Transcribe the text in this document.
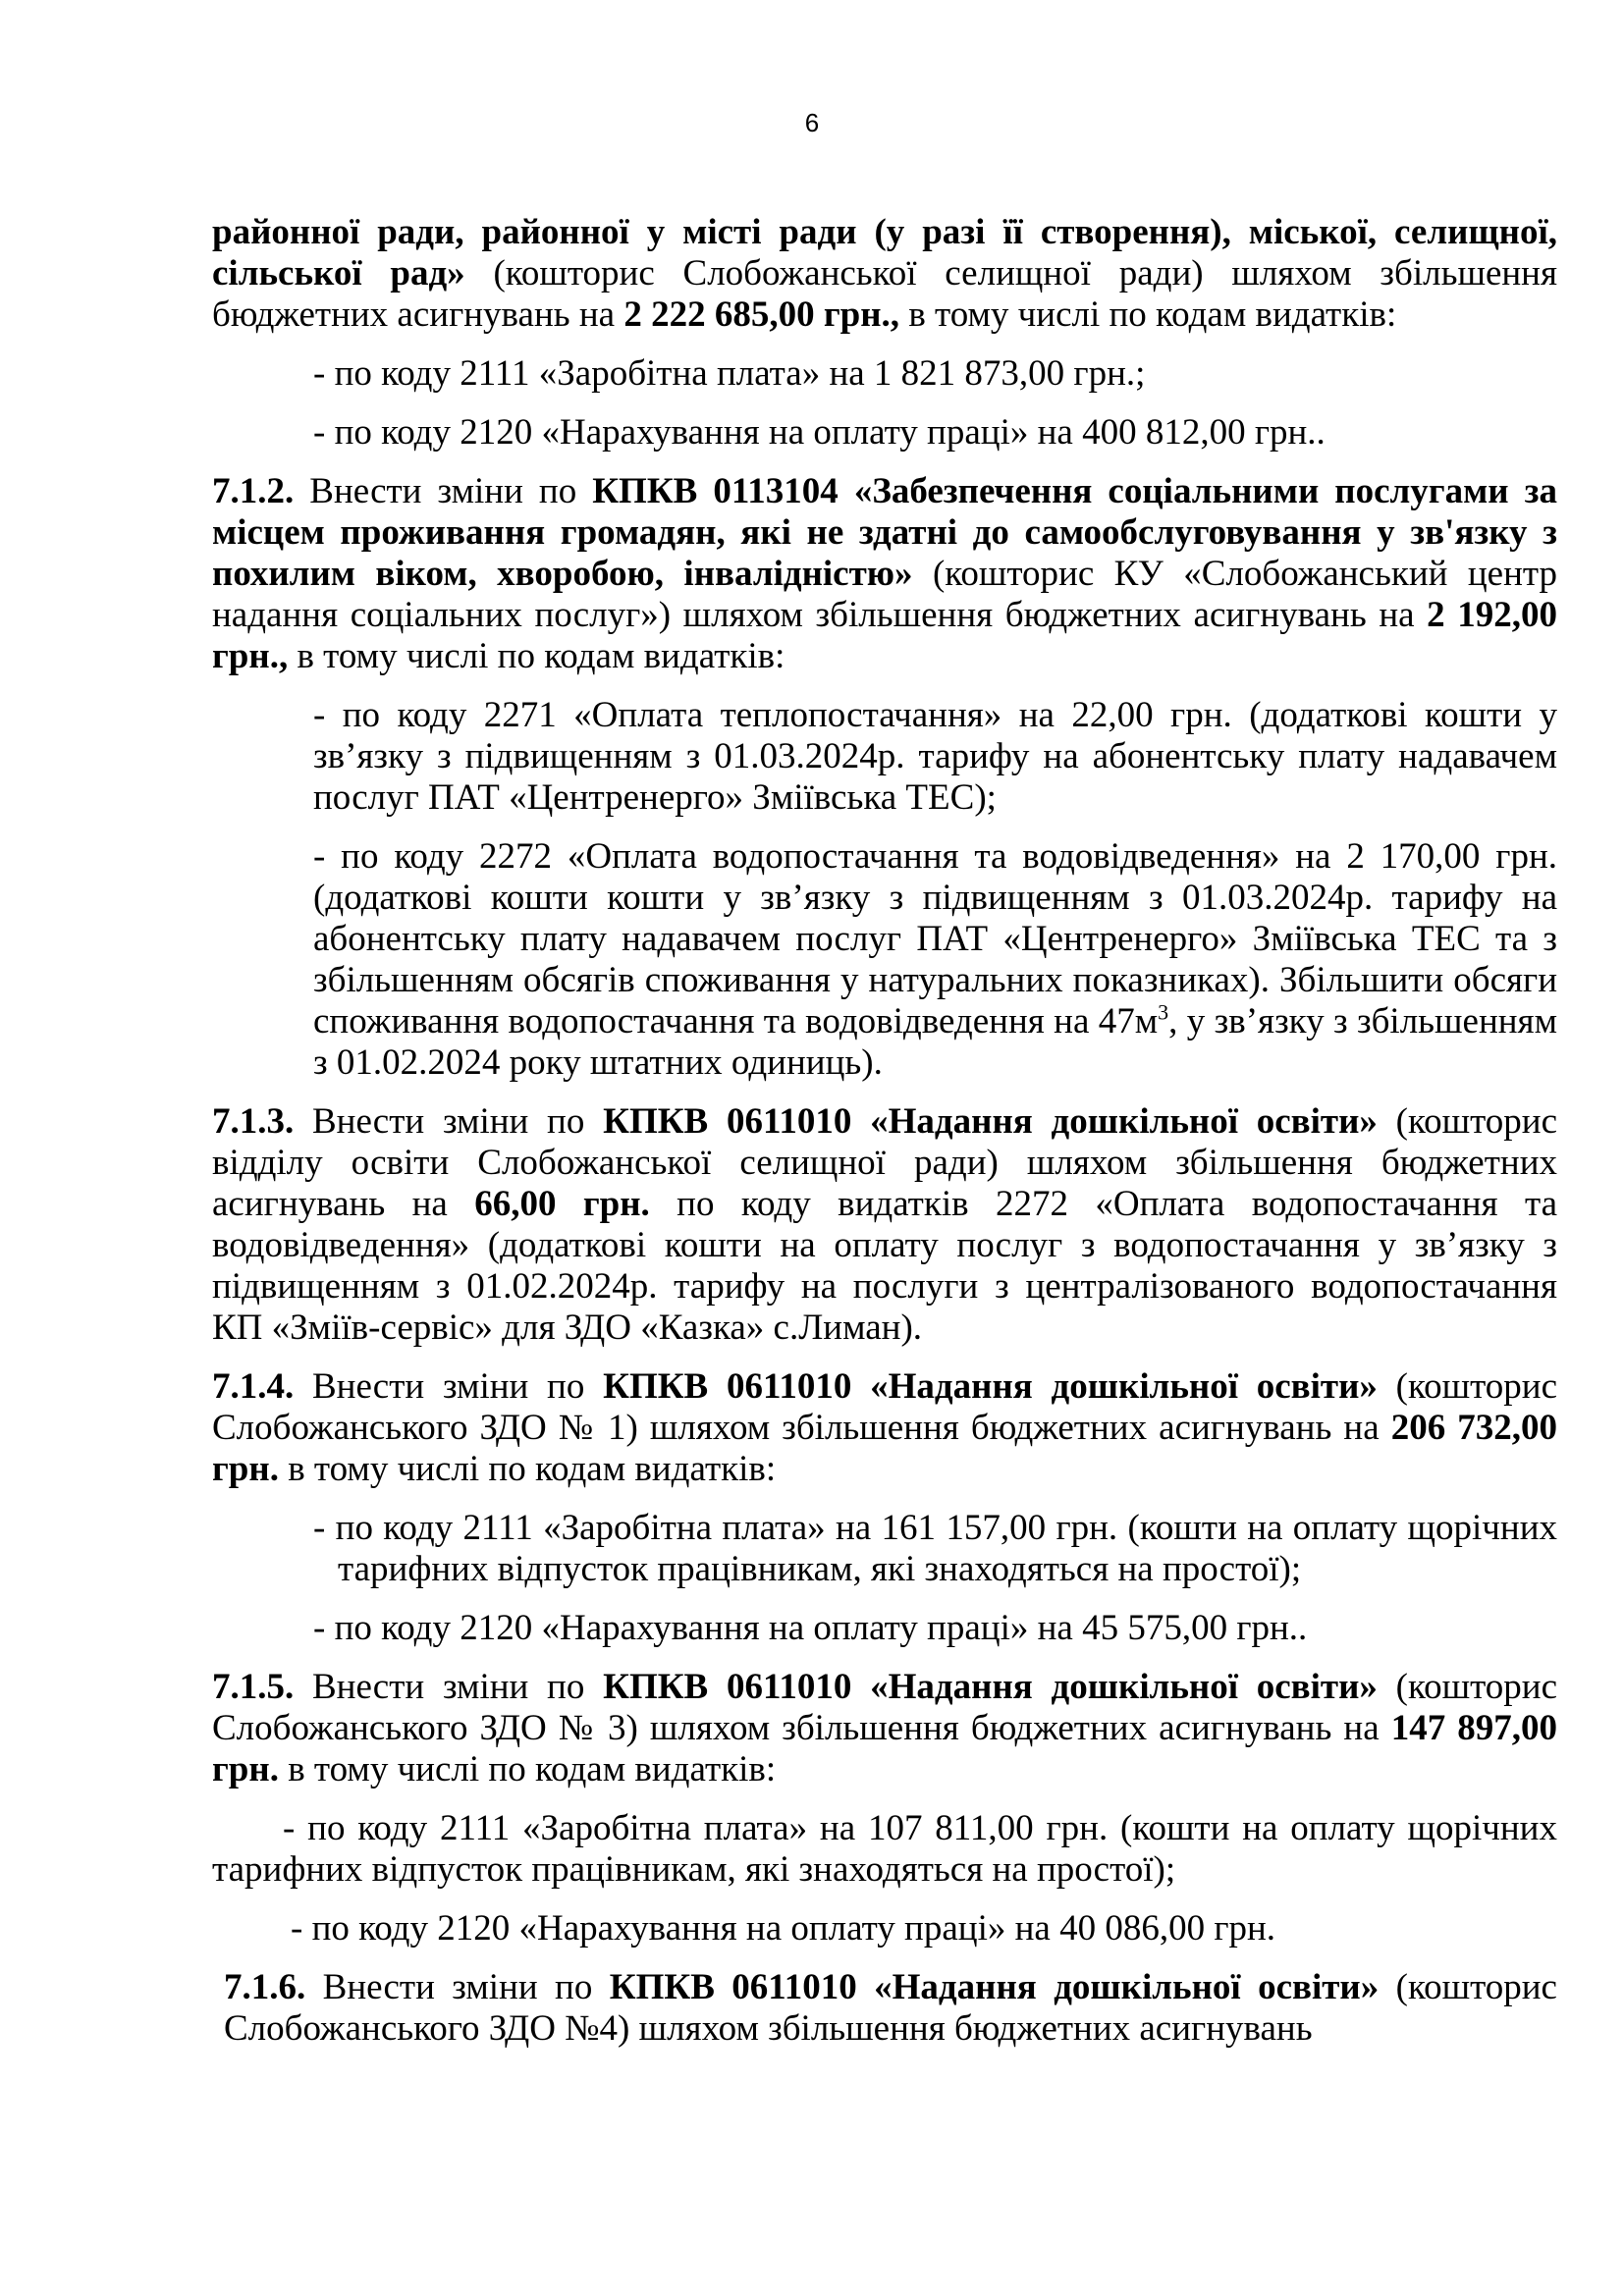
6

районної ради, районної у місті ради (у разі її створення), міської, селищної, сільської рад» (кошторис Слобожанської селищної ради) шляхом збільшення бюджетних асигнувань на 2 222 685,00 грн., в тому числі по кодам видатків:

- по коду 2111 «Заробітна плата» на 1 821 873,00 грн.;

- по коду 2120 «Нарахування на оплату праці» на 400 812,00 грн..

7.1.2. Внести зміни по КПКВ 0113104 «Забезпечення соціальними послугами за місцем проживання громадян, які не здатні до самообслуговування у зв'язку з похилим віком, хворобою, інвалідністю» (кошторис КУ «Слобожанський центр надання соціальних послуг») шляхом збільшення бюджетних асигнувань на 2 192,00 грн., в тому числі по кодам видатків:

- по коду 2271 «Оплата теплопостачання» на 22,00 грн. (додаткові кошти у зв’язку з підвищенням з 01.03.2024р. тарифу на абонентську плату надавачем послуг ПАТ «Центренерго» Зміївська ТЕС);

- по коду 2272 «Оплата водопостачання та водовідведення» на 2 170,00 грн. (додаткові кошти кошти у зв’язку з підвищенням з 01.03.2024р. тарифу на абонентську плату надавачем послуг ПАТ «Центренерго» Зміївська ТЕС та з збільшенням обсягів споживання у натуральних показниках). Збільшити обсяги споживання водопостачання та водовідведення на $47м^3$, у зв’язку з збільшенням з 01.02.2024 року штатних одиниць).

7.1.3. Внести зміни по КПКВ 0611010 «Надання дошкільної освіти» (кошторис відділу освіти Слобожанської селищної ради) шляхом збільшення бюджетних асигнувань на 66,00 грн. по коду видатків 2272 «Оплата водопостачання та водовідведення» (додаткові кошти на оплату послуг з водопостачання у зв’язку з підвищенням з 01.02.2024р. тарифу на послуги з централізованого водопостачання КП «Зміїв-сервіс» для ЗДО «Казка» с.Лиман).

7.1.4. Внести зміни по КПКВ 0611010 «Надання дошкільної освіти» (кошторис Слобожанського ЗДО № 1) шляхом збільшення бюджетних асигнувань на 206 732,00 грн. в тому числі по кодам видатків:

- по коду 2111 «Заробітна плата» на 161 157,00 грн. (кошти на оплату щорічних тарифних відпусток працівникам, які знаходяться на простої);

- по коду 2120 «Нарахування на оплату праці» на 45 575,00 грн..

7.1.5. Внести зміни по КПКВ 0611010 «Надання дошкільної освіти» (кошторис Слобожанського ЗДО № 3) шляхом збільшення бюджетних асигнувань на 147 897,00 грн. в тому числі по кодам видатків:

- по коду 2111 «Заробітна плата» на 107 811,00 грн. (кошти на оплату щорічних тарифних відпусток працівникам, які знаходяться на простої);

- по коду 2120 «Нарахування на оплату праці» на 40 086,00 грн.

7.1.6. Внести зміни по КПКВ 0611010 «Надання дошкільної освіти» (кошторис Слобожанського ЗДО №4) шляхом збільшення бюджетних асигнувань
